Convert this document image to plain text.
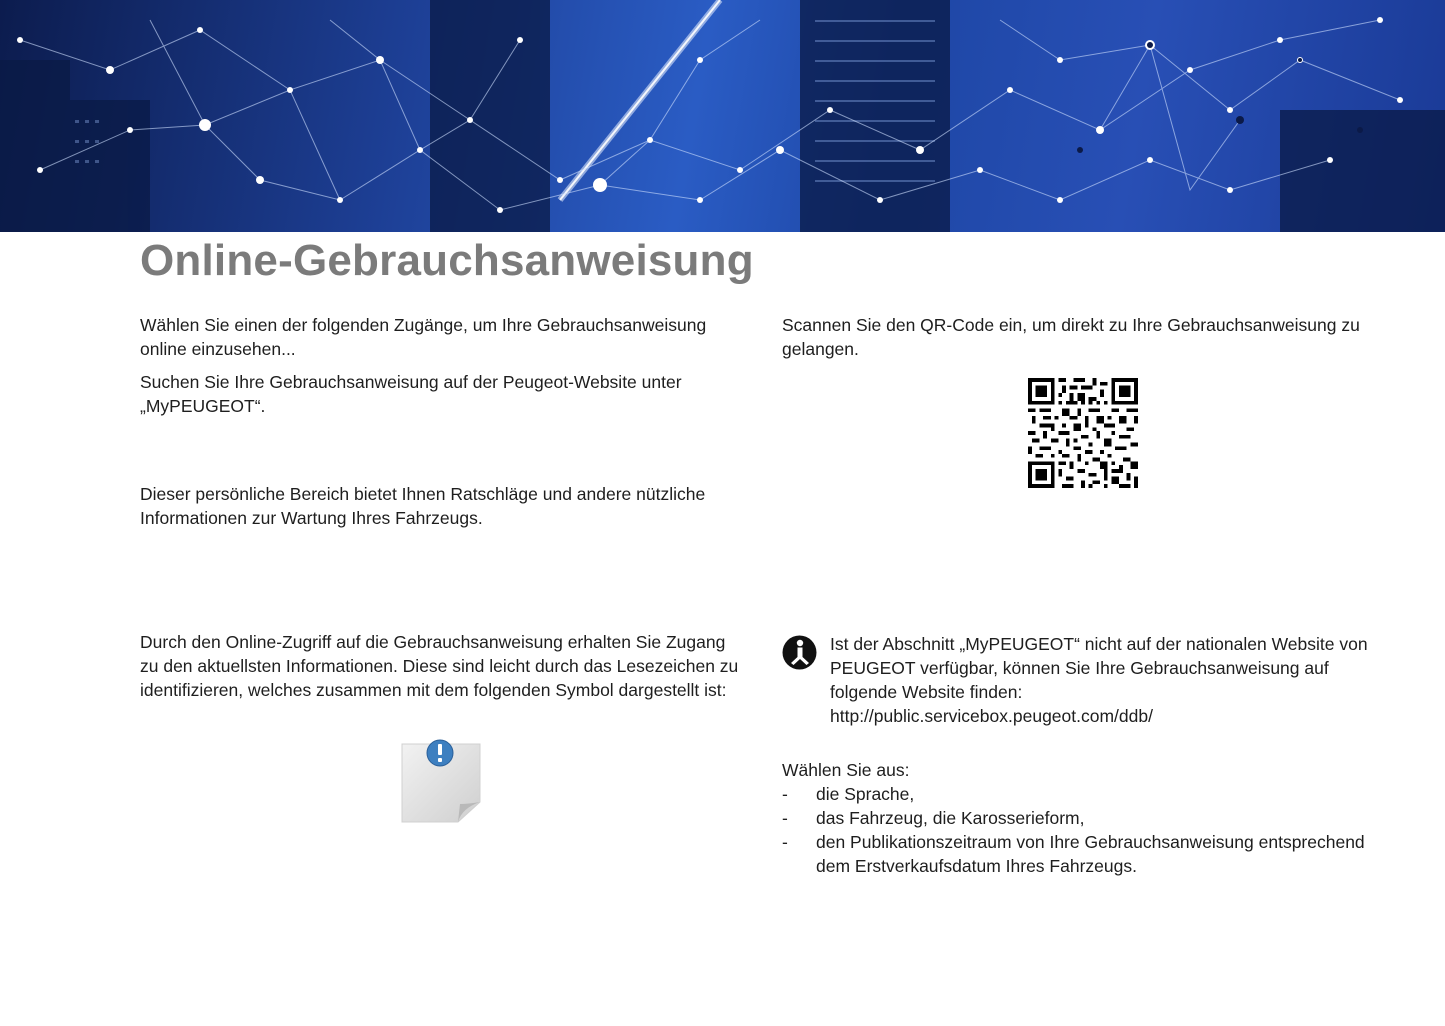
Online-Gebrauchsanweisung

Wählen Sie einen der folgenden Zugänge, um Ihre Gebrauchsanweisung online einzusehen...

Suchen Sie Ihre Gebrauchsanweisung auf der Peugeot-Website unter „MyPEUGEOT“.

Dieser persönliche Bereich bietet Ihnen Ratschläge und andere nützliche Informationen zur Wartung Ihres Fahrzeugs.

Durch den Online-Zugriff auf die Gebrauchsanweisung erhalten Sie Zugang zu den aktuellsten Informationen. Diese sind leicht durch das Lesezeichen zu identifizieren, welches zusammen mit dem folgenden Symbol dargestellt ist:

Scannen Sie den QR-Code ein, um direkt zu Ihre Gebrauchsanweisung zu gelangen.

Ist der Abschnitt „MyPEUGEOT“ nicht auf der nationalen Website von PEUGEOT verfügbar, können Sie Ihre Gebrauchsanweisung auf folgende Website finden:
http://public.servicebox.peugeot.com/ddb/

Wählen Sie aus:

- die Sprache,
- das Fahrzeug, die Karosserieform,
- den Publikationszeitraum von Ihre Gebrauchsanweisung entsprechend dem Erstverkaufsdatum Ihres Fahrzeugs.
